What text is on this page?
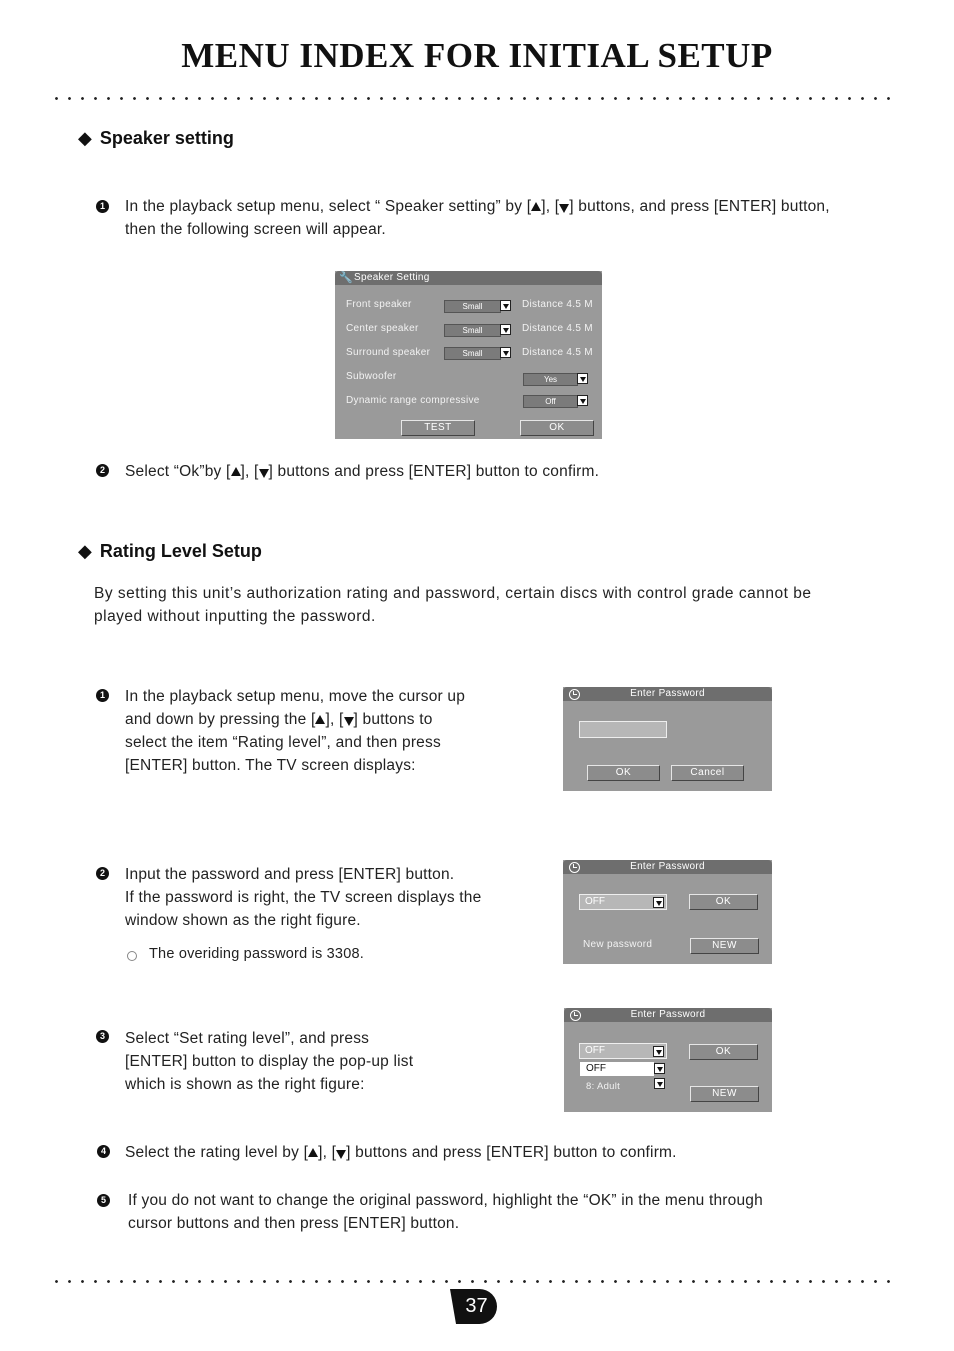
MENU INDEX FOR INITIAL SETUP
◆ Speaker setting
1 In the playback setup menu, select “ Speaker setting” by [ ], [ ] buttons, and press [ENTER] button,
then the following screen will appear.
🔧 Speaker Setting
Front speaker	Small	Distance 4.5 M
Center speaker	Small	Distance 4.5 M
Surround speaker	Small	Distance 4.5 M
Subwoofer	Yes
Dynamic range compressive	Off
TEST	OK
2 Select “Ok”by [ ], [ ] buttons and press [ENTER] button to confirm.
◆ Rating Level Setup
By setting this unit’s authorization rating and password, certain discs with control grade cannot be
played without inputting the password.
1 In the playback setup menu, move the cursor up
and down by pressing the [ ], [ ] buttons to
select the item “Rating level”, and then press
[ENTER] button. The TV screen displays:
Enter Password
OK	Cancel
2 Input the password and press [ENTER] button.
If the password is right, the TV screen displays the
window shown as the right figure.
The overiding password is 3308.
Enter Password
OFF	OK
New password	NEW
3 Select “Set rating level”, and press
[ENTER] button to display the pop-up list
which is shown as the right figure:
Enter Password
OFF
OFF
8: Adult
OK
NEW
4 Select the rating level by [ ], [ ] buttons and press [ENTER] button to confirm.
5 If you do not want to change the original password, highlight the “OK” in the menu through
cursor buttons and then press [ENTER] button.
37
